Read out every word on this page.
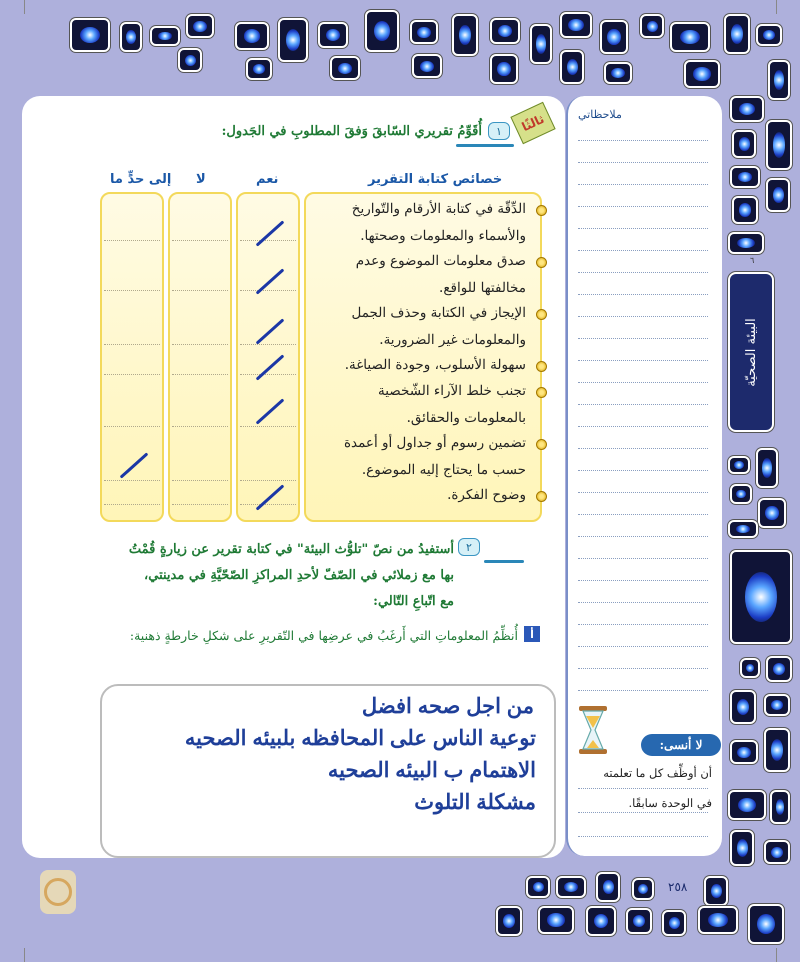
ثالثًا
١
أُقَوِّمُ تقريري السّابقَ وَفقَ المطلوبِ في الجَدول:
خصائص كتابة التقرير
نعم
لا
إلى حدٍّ ما
الدِّقّة في كتابة الأرقام والتّواريخ والأسماء والمعلومات وصحتها.
صدق معلومات الموضوع وعدم مخالفتها للواقع.
الإيجاز في الكتابة وحذف الجمل والمعلومات غير الضرورية.
سهولة الأسلوب، وجودة الصياغة.
تجنب خلط الآراء الشّخصية بالمعلومات والحقائق.
تضمين رسوم أو جداول أو أعمدة حسب ما يحتاج إليه الموضوع.
وضوح الفكرة.
٢
أستفيدُ من نصّ "تلوُّث البيئة" في كتابة تقرير عن زيارةٍ قُمْتُ
بها مع زملائي في الصّفّ لأحدِ المراكزِ الصّحّيَّةِ في مدينتي،
مع اتّباعِ التّالي:
أ
أُنظِّمُ المعلوماتِ التي أَرغَبُ في عرضِها في التّقريرِ على شكلِ خارطةٍ ذهنية:
من اجل صحه افضل
توعية الناس على المحافظه بلبيئه الصحيه
الاهتمام ب البيئه الصحيه
مشكلة التلوث
ملاحظاتي
٦
البيئة الصحيّة
لا أنسى:
أن أوظِّف كل ما تعلمته
في الوحدة سابقًا.
٢٥٨
